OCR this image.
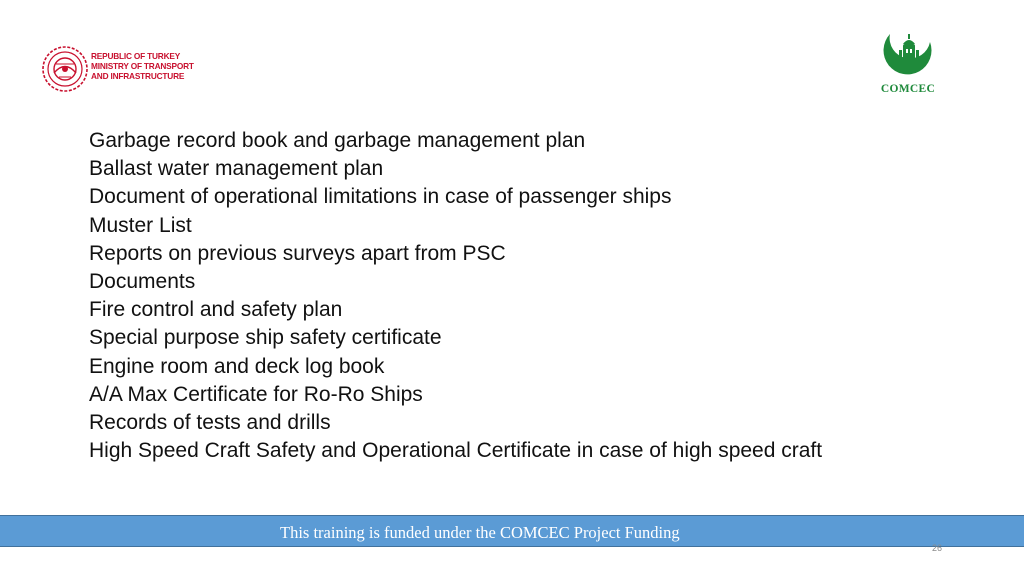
REPUBLIC OF TURKEY
MINISTRY OF TRANSPORT
AND INFRASTRUCTURE
COMCEC
Garbage record book and garbage management plan
Ballast water management plan
Document of operational limitations in case of passenger ships
Muster List
Reports on previous surveys apart from PSC
Documents
Fire control and safety plan
Special purpose ship safety certificate
Engine room and deck log book
A/A Max Certificate for Ro-Ro Ships
Records of tests and drills
High Speed Craft Safety and Operational Certificate in case of high speed craft
This training is funded under the COMCEC Project Funding
26
